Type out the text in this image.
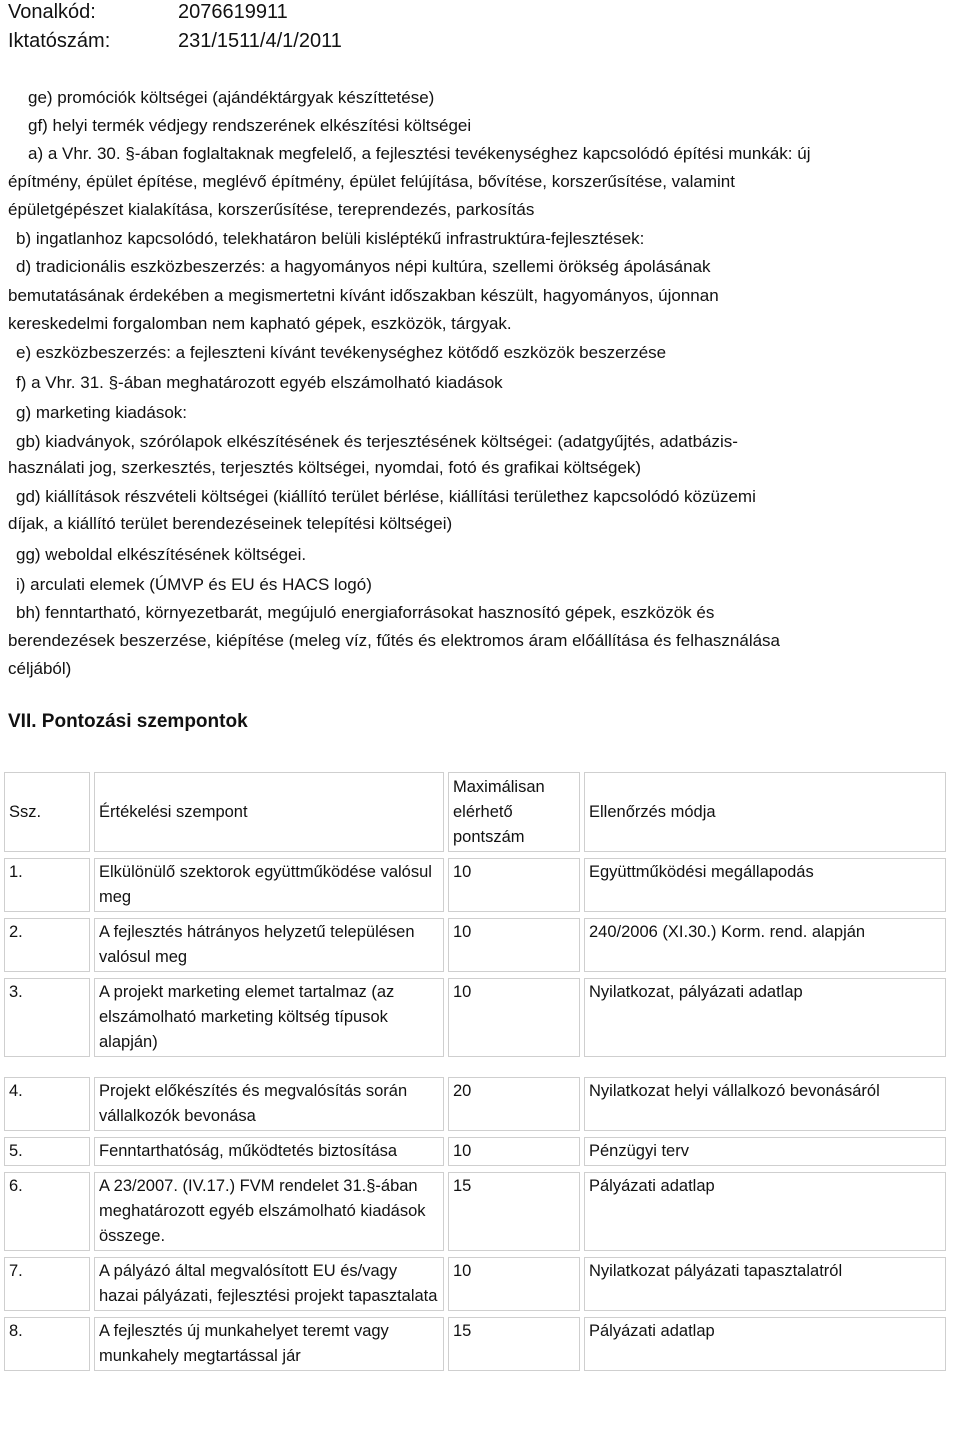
Vonalkód:	2076619911
Iktatószám:	231/1511/4/1/2011
ge) promóciók költségei (ajándéktárgyak készíttetése)
gf) helyi termék védjegy rendszerének elkészítési költségei
a) a Vhr. 30. §-ában foglaltaknak megfelelő, a fejlesztési tevékenységhez kapcsolódó építési munkák: új
építmény, épület építése, meglévő építmény, épület felújítása, bővítése, korszerűsítése, valamint
épületgépészet kialakítása, korszerűsítése, tereprendezés, parkosítás
b) ingatlanhoz kapcsolódó, telekhatáron belüli kisléptékű infrastruktúra-fejlesztések:
d) tradicionális eszközbeszerzés: a hagyományos népi kultúra, szellemi örökség ápolásának
bemutatásának érdekében a megismertetni kívánt időszakban készült, hagyományos, újonnan
kereskedelmi forgalomban nem kapható gépek, eszközök, tárgyak.
e) eszközbeszerzés: a fejleszteni kívánt tevékenységhez kötődő eszközök beszerzése
f) a Vhr. 31. §-ában meghatározott egyéb elszámolható kiadások
g) marketing kiadások:
gb) kiadványok, szórólapok elkészítésének és terjesztésének költségei: (adatgyűjtés, adatbázis-
használati jog, szerkesztés, terjesztés költségei, nyomdai, fotó és grafikai költségek)
gd) kiállítások részvételi költségei (kiállító terület bérlése, kiállítási területhez kapcsolódó közüzemi
díjak, a kiállító terület berendezéseinek telepítési költségei)
gg) weboldal elkészítésének költségei.
i) arculati elemek (ÚMVP és EU és HACS logó)
bh) fenntartható, környezetbarát, megújuló energiaforrásokat hasznosító gépek, eszközök és
berendezések beszerzése, kiépítése (meleg víz, fűtés és elektromos áram előállítása és felhasználása
céljából)
VII. Pontozási szempontok
Ssz.	Értékelési szempont	Maximálisan elérhető pontszám	Ellenőrzés módja
1.	Elkülönülő szektorok együttműködése valósul meg	10	Együttműködési megállapodás
2.	A fejlesztés hátrányos helyzetű településen valósul meg	10	240/2006 (XI.30.) Korm. rend. alapján
3.	A projekt marketing elemet tartalmaz (az elszámolható marketing költség típusok alapján)	10	Nyilatkozat, pályázati adatlap

4.	Projekt előkészítés és megvalósítás során vállalkozók bevonása	20	Nyilatkozat helyi vállalkozó bevonásáról
5.	Fenntarthatóság, működtetés biztosítása	10	Pénzügyi terv
6.	A 23/2007. (IV.17.) FVM rendelet 31.§-ában meghatározott egyéb elszámolható kiadások összege.	15	Pályázati adatlap
7.	A pályázó által megvalósított EU és/vagy hazai pályázati, fejlesztési projekt tapasztalata	10	Nyilatkozat pályázati tapasztalatról
8.	A fejlesztés új munkahelyet teremt vagy munkahely megtartással jár	15	Pályázati adatlap
